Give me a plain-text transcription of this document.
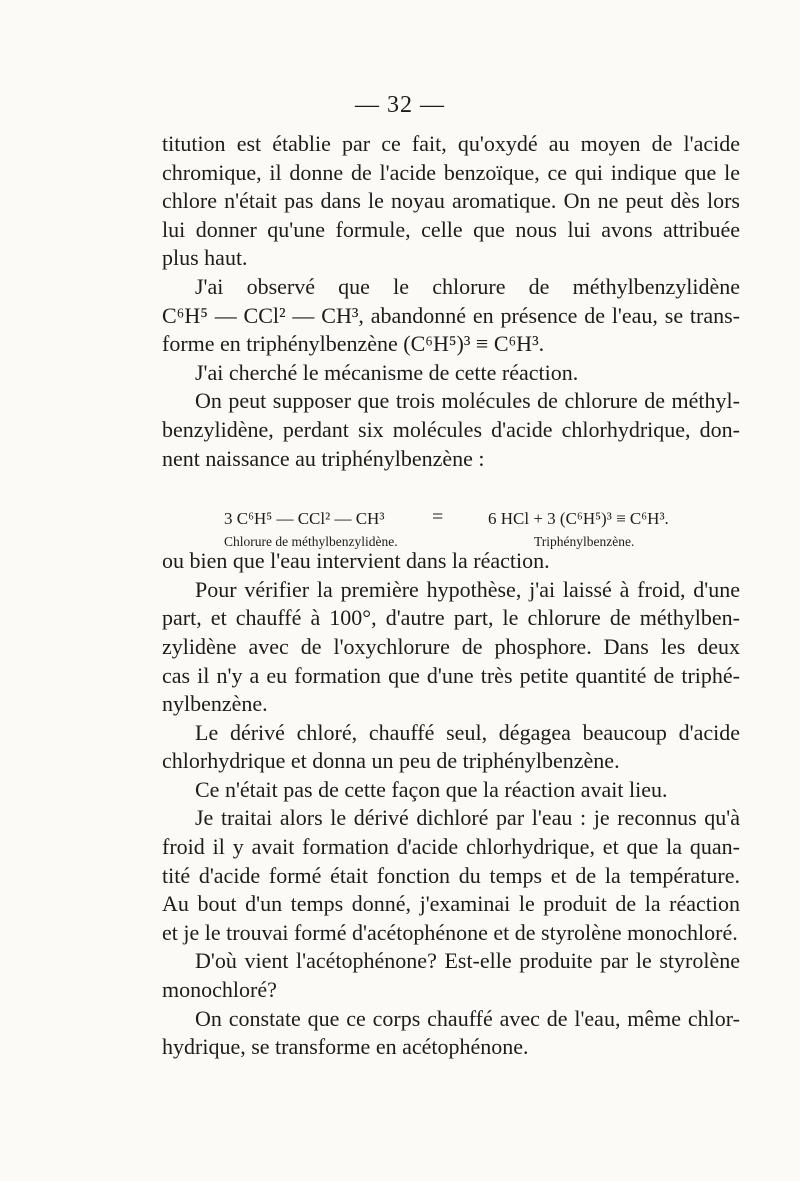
— 32 —

titution est établie par ce fait, qu'oxydé au moyen de l'acide

chromique, il donne de l'acide benzoïque, ce qui indique que le

chlore n'était pas dans le noyau aromatique. On ne peut dès lors

lui donner qu'une formule, celle que nous lui avons attribuée

plus haut.

J'ai observé que le chlorure de méthylbenzylidène

C⁶H⁵ — CCl² — CH³, abandonné en présence de l'eau, se trans-

forme en triphénylbenzène (C⁶H⁵)³ ≡ C⁶H³.

J'ai cherché le mécanisme de cette réaction.

On peut supposer que trois molécules de chlorure de méthyl-

benzylidène, perdant six molécules d'acide chlorhydrique, don-

nent naissance au triphénylbenzène :

3 C⁶H⁵ — CCl² — CH³ =	6 HCl + 3 (C⁶H⁵)³ ≡ C⁶H³.
Chlorure de méthylbenzylidène.	Triphénylbenzène.

ou bien que l'eau intervient dans la réaction.

Pour vérifier la première hypothèse, j'ai laissé à froid, d'une

part, et chauffé à 100°, d'autre part, le chlorure de méthylben-

zylidène avec de l'oxychlorure de phosphore. Dans les deux

cas il n'y a eu formation que d'une très petite quantité de triphé-

nylbenzène.

Le dérivé chloré, chauffé seul, dégagea beaucoup d'acide

chlorhydrique et donna un peu de triphénylbenzène.

Ce n'était pas de cette façon que la réaction avait lieu.

Je traitai alors le dérivé dichloré par l'eau : je reconnus qu'à

froid il y avait formation d'acide chlorhydrique, et que la quan-

tité d'acide formé était fonction du temps et de la température.

Au bout d'un temps donné, j'examinai le produit de la réaction

et je le trouvai formé d'acétophénone et de styrolène monochloré.

D'où vient l'acétophénone? Est-elle produite par le styrolène

monochloré?

On constate que ce corps chauffé avec de l'eau, même chlor-

hydrique, se transforme en acétophénone.
